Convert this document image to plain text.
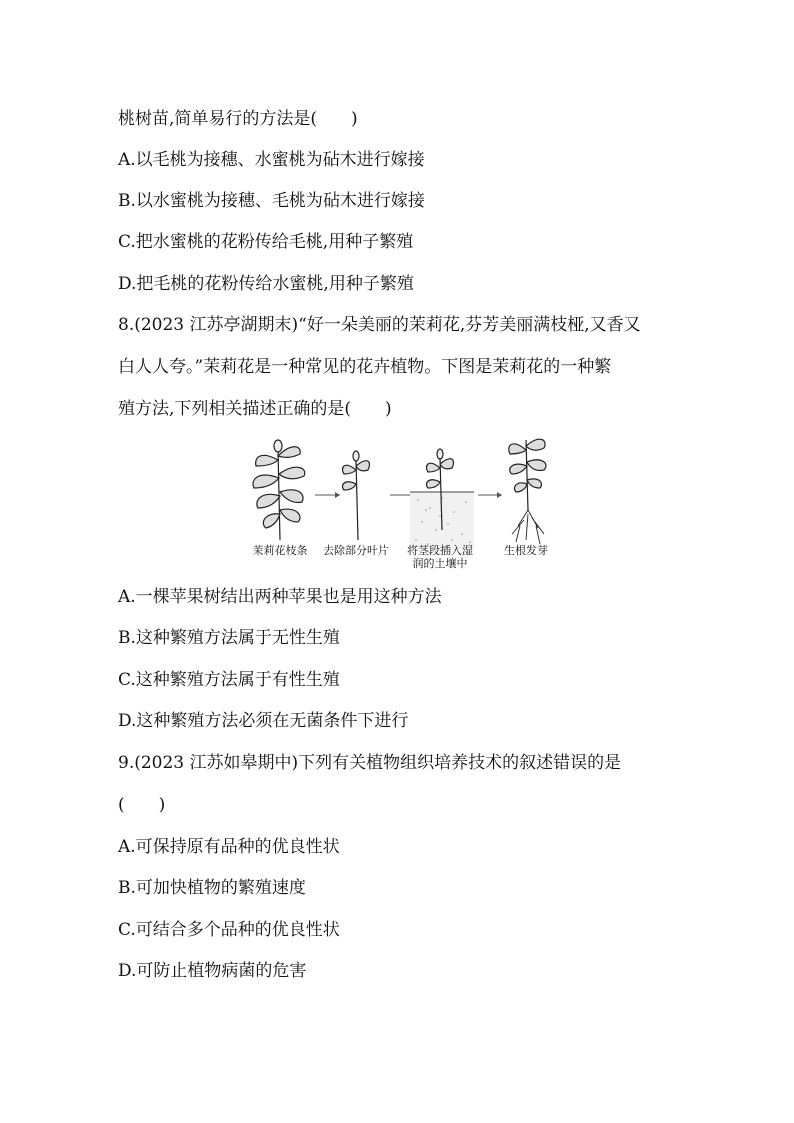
桃树苗,简单易行的方法是(　　)
A.以毛桃为接穗、水蜜桃为砧木进行嫁接
B.以水蜜桃为接穗、毛桃为砧木进行嫁接
C.把水蜜桃的花粉传给毛桃,用种子繁殖
D.把毛桃的花粉传给水蜜桃,用种子繁殖
8.(2023 江苏亭湖期末)“好一朵美丽的茉莉花,芬芳美丽满枝桠,又香又
白人人夸。”茉莉花是一种常见的花卉植物。下图是茉莉花的一种繁
殖方法,下列相关描述正确的是(　　)
茉莉花枝条	去除部分叶片	将茎段插入湿
润的土壤中
生根发芽
A.一棵苹果树结出两种苹果也是用这种方法
B.这种繁殖方法属于无性生殖
C.这种繁殖方法属于有性生殖
D.这种繁殖方法必须在无菌条件下进行
9.(2023 江苏如皋期中)下列有关植物组织培养技术的叙述错误的是
(　　)
A.可保持原有品种的优良性状
B.可加快植物的繁殖速度
C.可结合多个品种的优良性状
D.可防止植物病菌的危害
